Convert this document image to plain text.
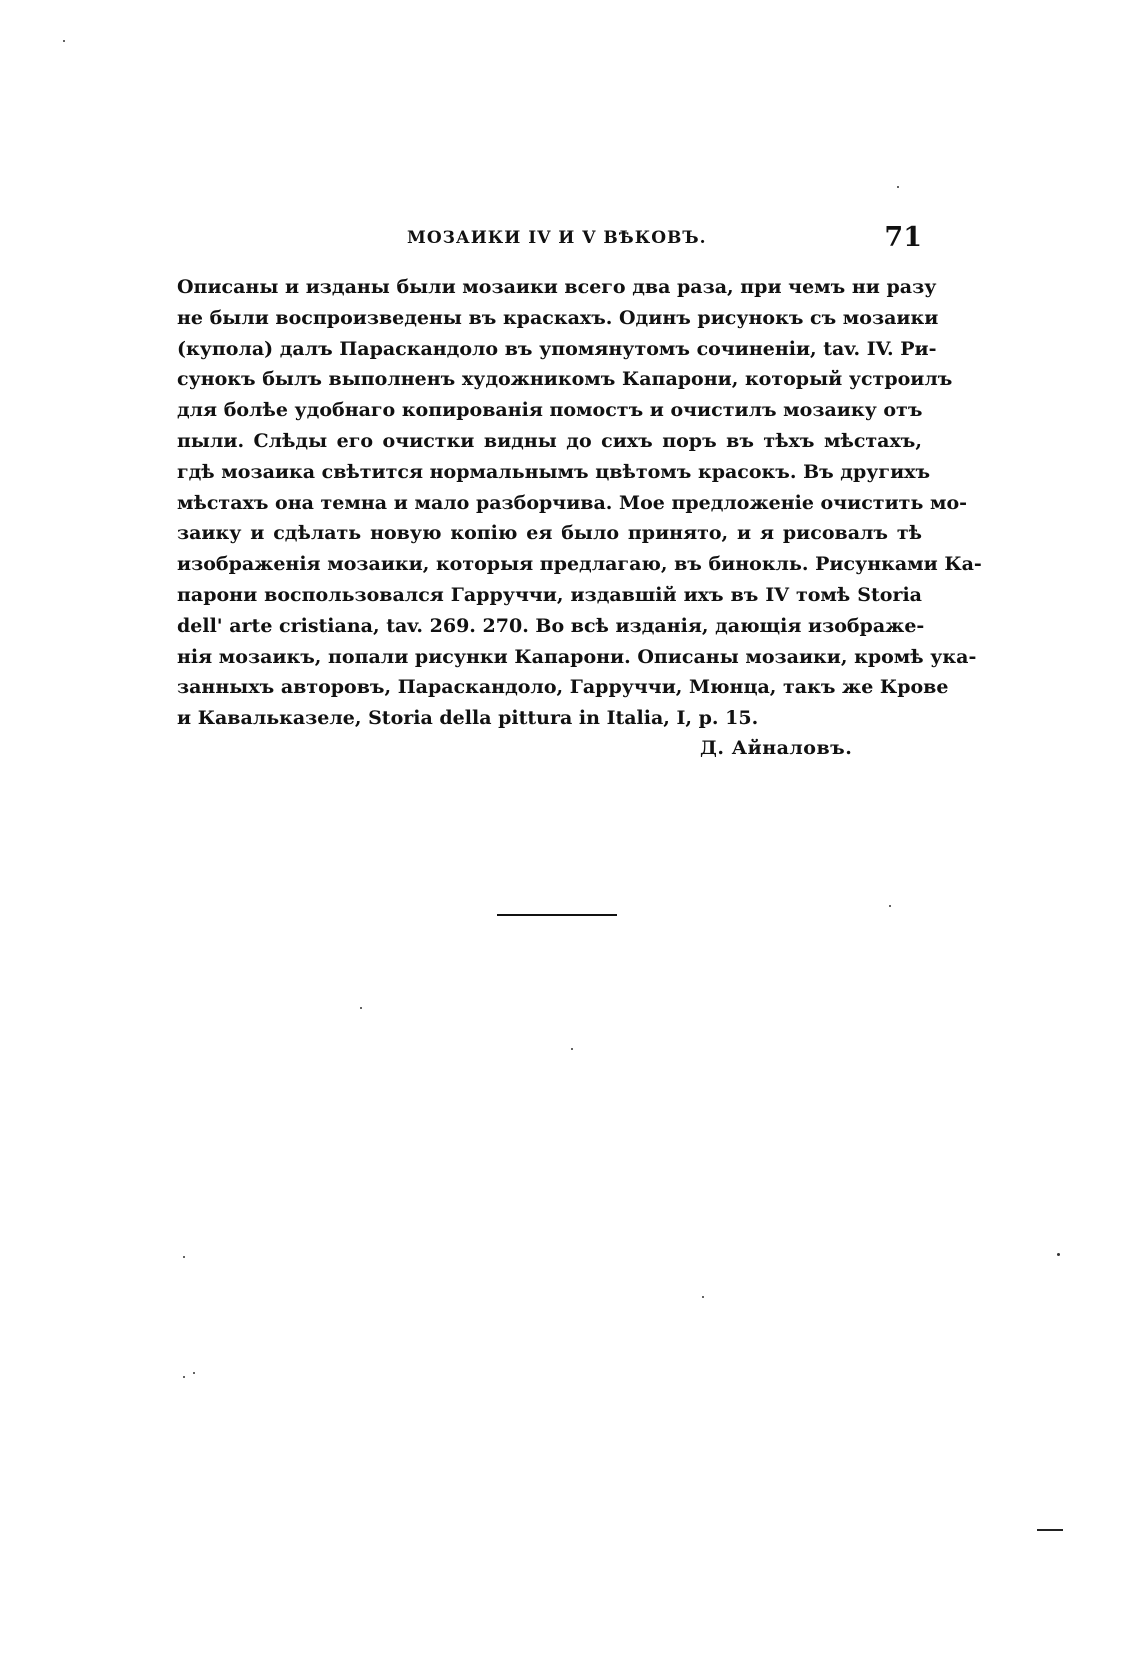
МОЗАИКИ IV И V ВѢКОВЪ.	71
Описаны и изданы были мозаики всего два раза, при чемъ ни разу
не были воспроизведены въ краскахъ. Одинъ рисунокъ съ мозаики
(купола) далъ Парaскандоло въ упомянутомъ сочиненіи, tav. IV. Ри-
сунокъ былъ выполненъ художникомъ Капарони, который устроилъ
для болѣе удобнаго копированія помостъ и очистилъ мозаику отъ
пыли. Слѣды его очистки видны до сихъ поръ въ тѣхъ мѣстахъ,
гдѣ мозаика свѣтится нормальнымъ цвѣтомъ красокъ. Въ другихъ
мѣстахъ она темна и мало разборчива. Мое предложеніе очистить мо-
заику и сдѣлать новую копію ея было принято, и я рисовалъ тѣ
изображенія мозаики, которыя предлагаю, въ бинокль. Рисунками Ка-
парони воспользовался Гарруччи, издавшій ихъ въ IV томѣ Storia
dell' arte cristiana, tav. 269. 270. Во всѣ изданія, дающія изображе-
нія мозаикъ, попали рисунки Капарони. Описаны мозаики, кромѣ ука-
занныхъ авторовъ, Параскандоло, Гарруччи, Мюнца, такъ же Крове
и Кавальказеле, Storia della pittura in Italia, I, p. 15.
Д. Айналовъ.
